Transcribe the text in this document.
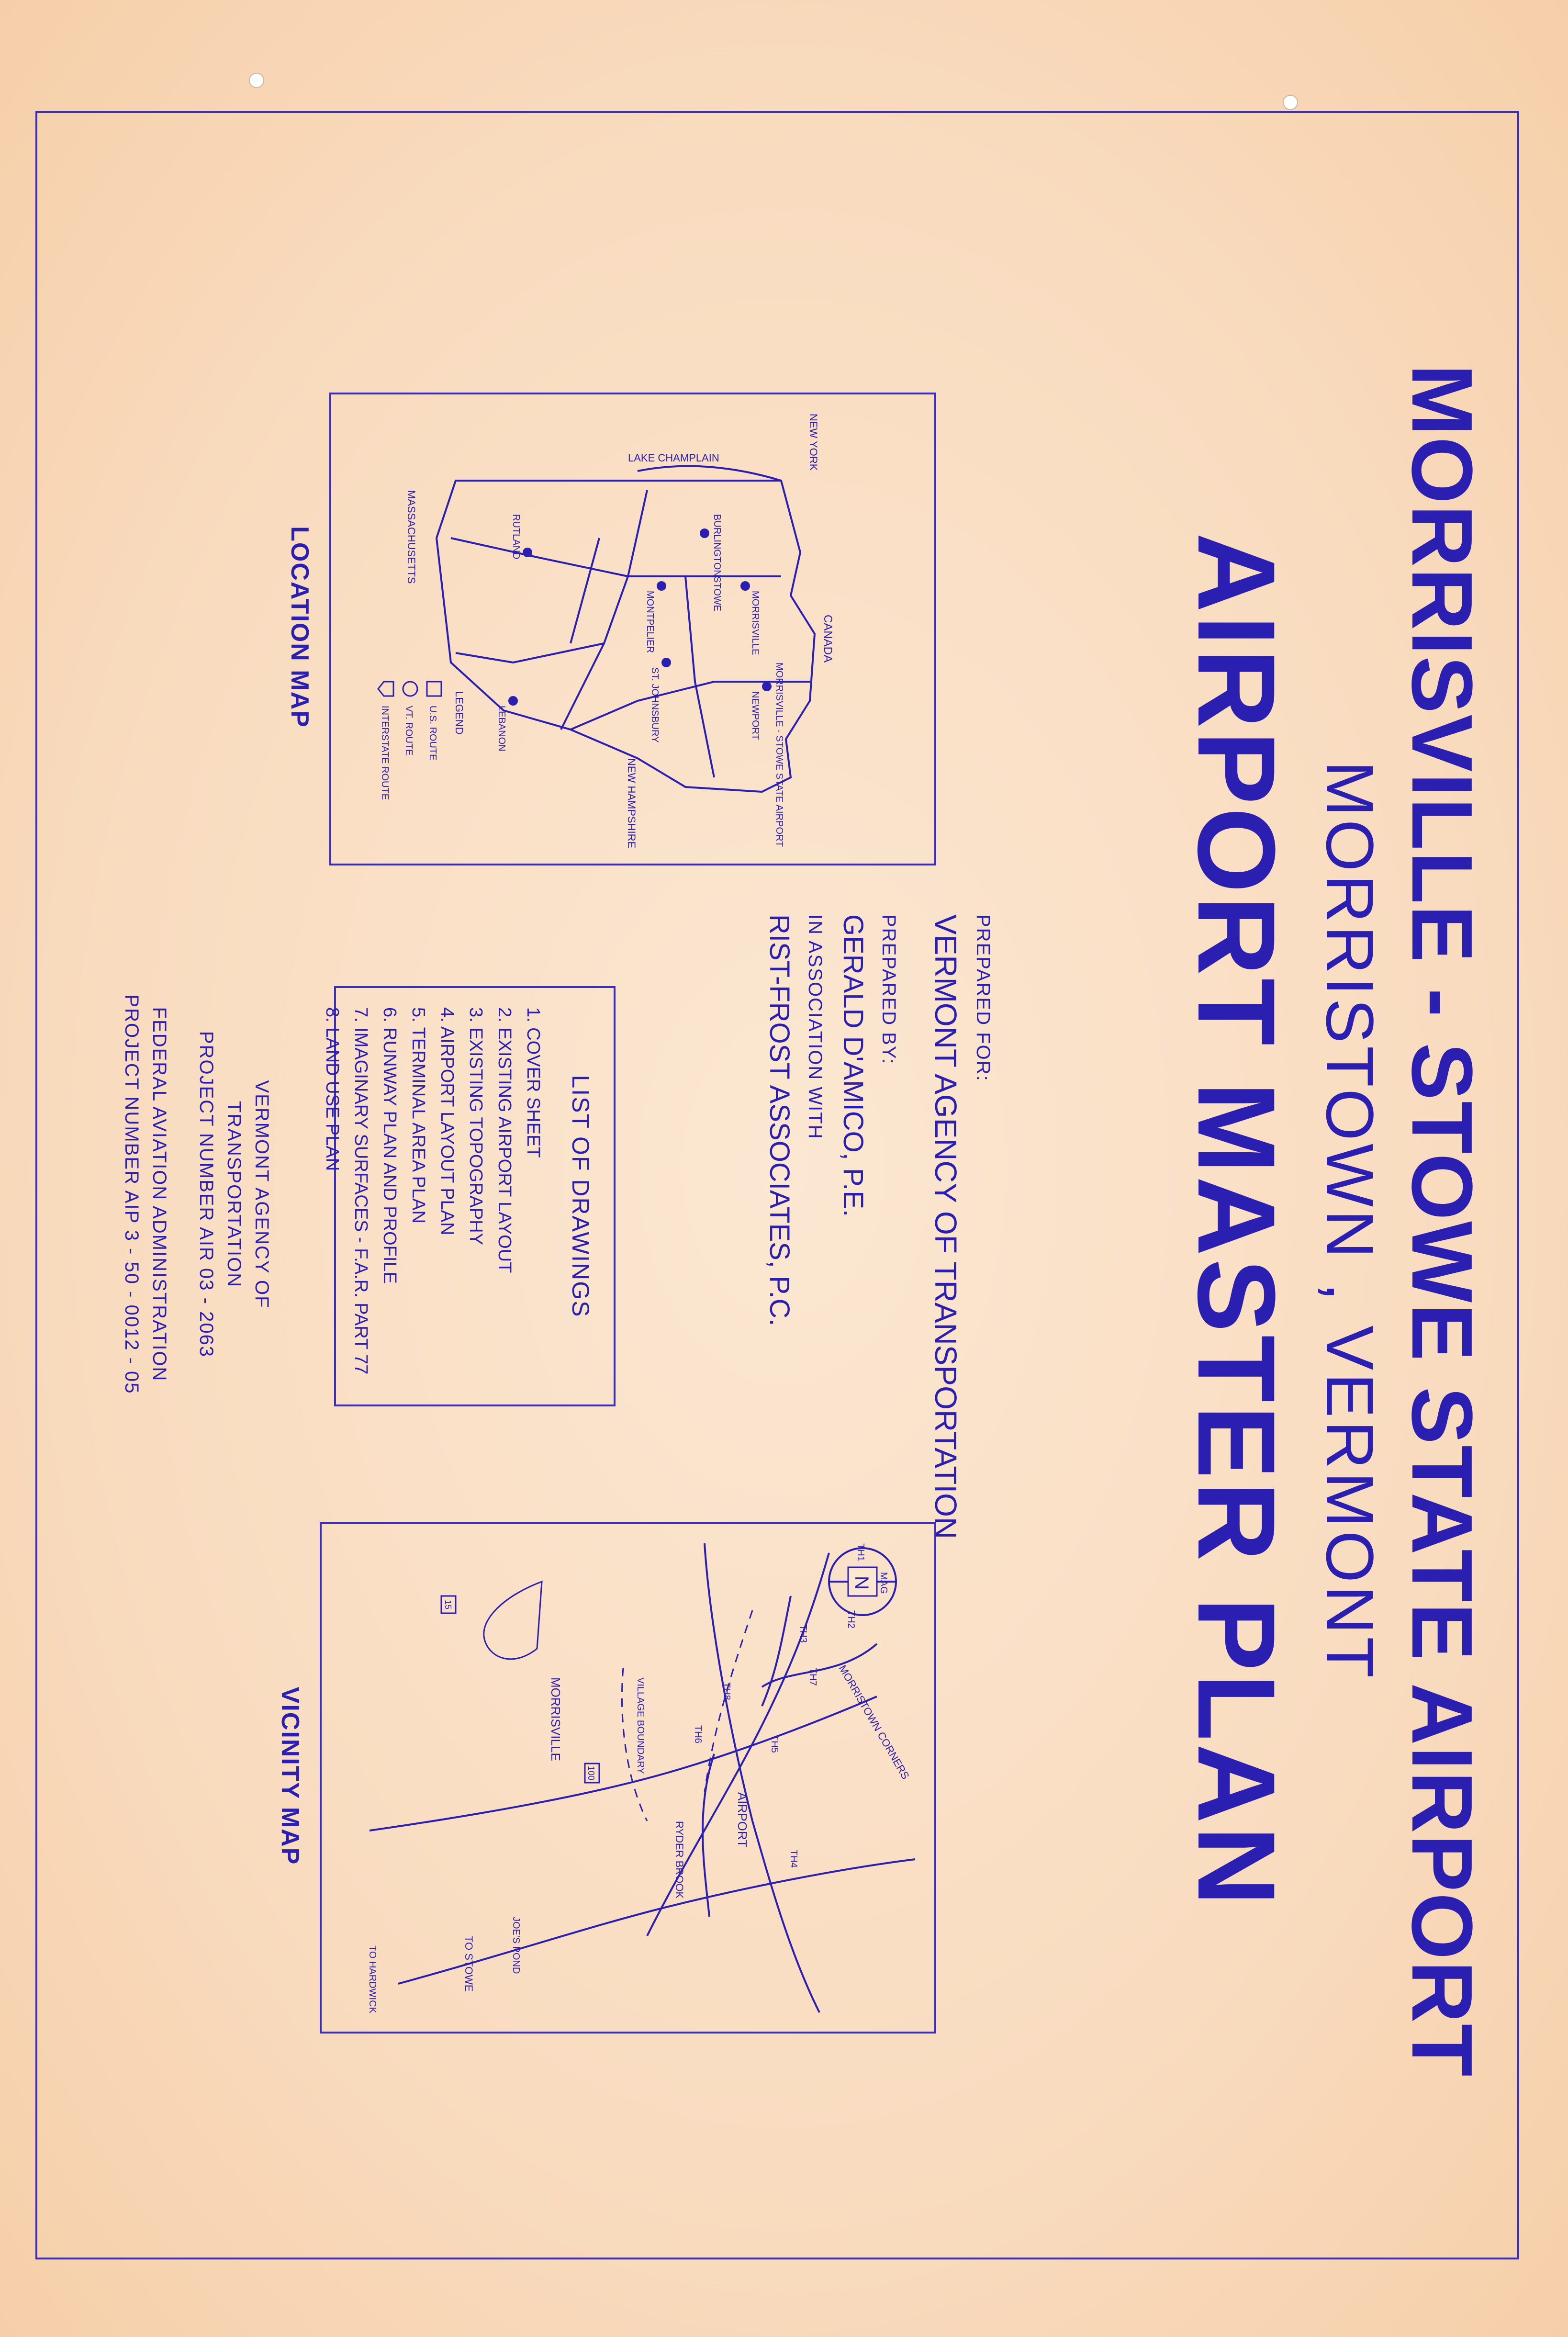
MORRISVILLE - STOWE STATE AIRPORT
MORRISTOWN , VERMONT
AIRPORT MASTER PLAN
CANADA
LAKE CHAMPLAIN	NEW YORK
NEW HAMPSHIRE
MASSACHUSETTS
MORRISVILLE
MORRISVILLE - STOWE STATE AIRPORT
NEWPORT
BURLINGTON
STOWE
MONTPELIER
ST. JOHNSBURY
RUTLAND
LEBANON
LEGEND
U.S. ROUTE
VT. ROUTE
INTERSTATE ROUTE
LOCATION MAP
PREPARED FOR:
VERMONT AGENCY OF TRANSPORTATION
PREPARED BY:
GERALD D'AMICO, P.E.
IN ASSOCIATION WITH
RIST-FROST ASSOCIATES, P.C.
LIST OF DRAWINGS
1. COVER SHEET
2. EXISTING AIRPORT LAYOUT
3. EXISTING TOPOGRAPHY
4. AIRPORT LAYOUT PLAN
5. TERMINAL AREA PLAN
6. RUNWAY PLAN AND PROFILE
7. IMAGINARY SURFACES - F.A.R. PART 77
8. LAND USE PLAN
VERMONT AGENCY OF TRANSPORTATION
PROJECT NUMBER AIR 03 - 2063
FEDERAL AVIATION ADMINISTRATION
PROJECT NUMBER AIP 3 - 50 - 0012 - 05
MAG
N
MORRISTOWN CORNERS
TO STOWE	JOE'S POND
RYDER BROOK
AIRPORT
VILLAGE BOUNDARY
MORRISVILLE
TO HARDWICK
TH1
TH2
TH3
TH4
TH5
TH6
TH7
TH8
100
15
VICINITY MAP
